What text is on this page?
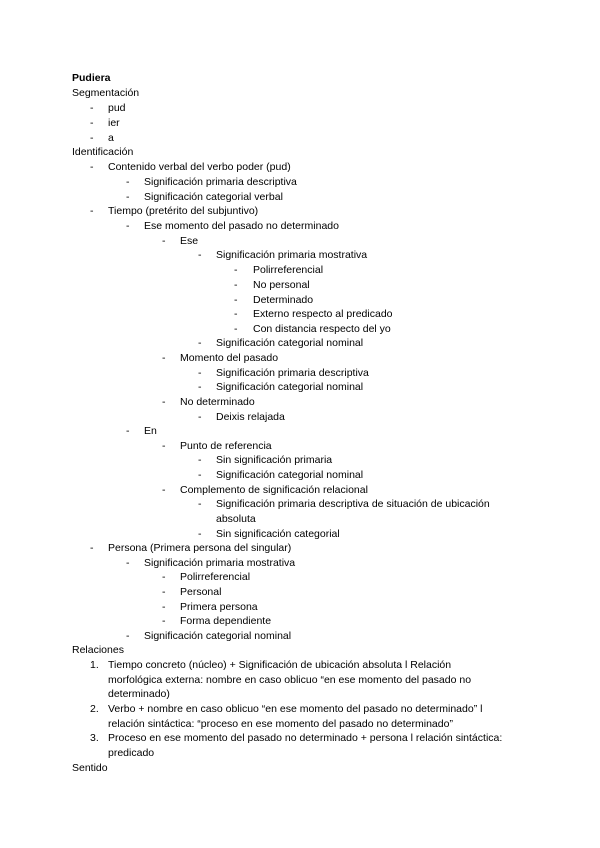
Pudiera
Segmentación
- pud
- ier
- a
Identificación
- Contenido verbal del verbo poder (pud)
- Significación primaria descriptiva
- Significación categorial verbal
- Tiempo (pretérito del subjuntivo)
- Ese momento del pasado no determinado
- Ese
- Significación primaria mostrativa
- Polirreferencial
- No personal
- Determinado
- Externo respecto al predicado
- Con distancia respecto del yo
- Significación categorial nominal
- Momento del pasado
- Significación primaria descriptiva
- Significación categorial nominal
- No determinado
- Deixis relajada
- En
- Punto de referencia
- Sin significación primaria
- Significación categorial nominal
- Complemento de significación relacional
- Significación primaria descriptiva de situación de ubicación
absoluta
- Sin significación categorial
- Persona (Primera persona del singular)
- Significación primaria mostrativa
- Polirreferencial
- Personal
- Primera persona
- Forma dependiente
- Significación categorial nominal
Relaciones
1. Tiempo concreto (núcleo) + Significación de ubicación absoluta l Relación
morfológica externa: nombre en caso oblicuo “en ese momento del pasado no
determinado)
2. Verbo + nombre en caso oblicuo “en ese momento del pasado no determinado” l
relación sintáctica: “proceso en ese momento del pasado no determinado”
3. Proceso en ese momento del pasado no determinado + persona l relación sintáctica:
predicado
Sentido
